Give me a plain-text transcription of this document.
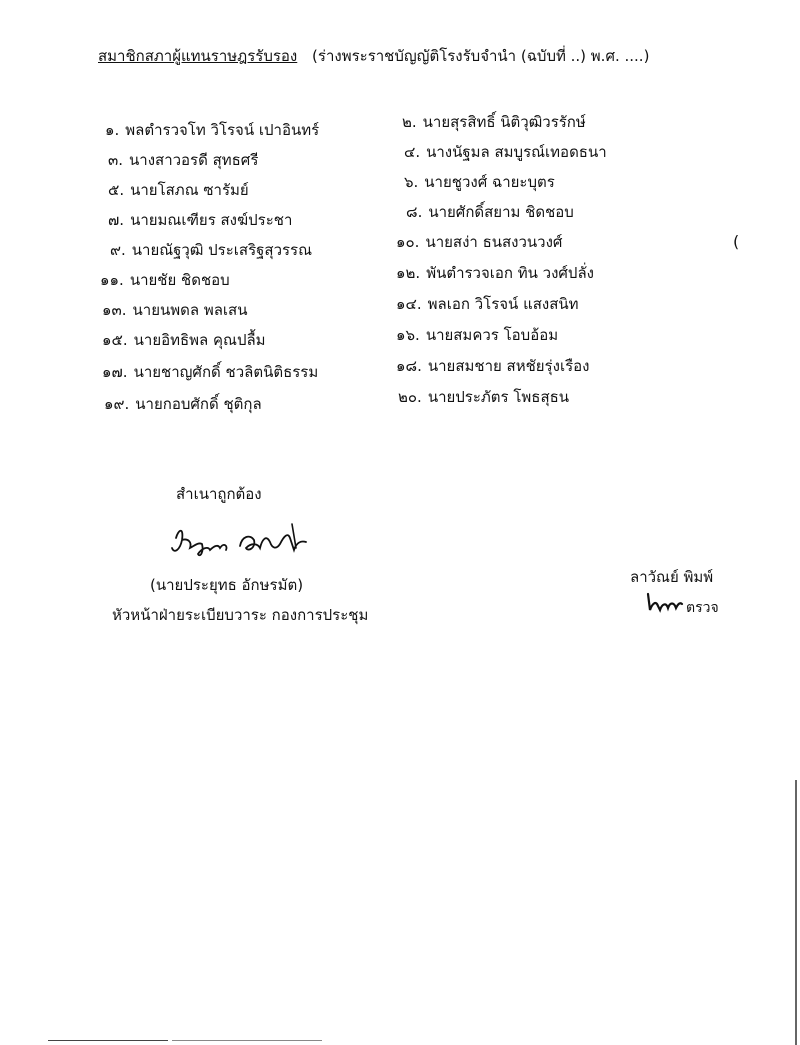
สมาชิกสภาผู้แทนราษฎรรับรอง (ร่างพระราชบัญญัติโรงรับจำนำ (ฉบับที่ ..) พ.ศ. ....)
๑. พลตำรวจโท วิโรจน์ เปาอินทร์
๓. นางสาวอรดี สุทธศรี
๕. นายโสภณ ซารัมย์
๗. นายมณเฑียร สงฆ์ประชา
๙. นายณัฐวุฒิ ประเสริฐสุวรรณ
๑๑. นายชัย ชิดชอบ
๑๓. นายนพดล พลเสน
๑๕. นายอิทธิพล คุณปลื้ม
๑๗. นายชาญศักดิ์ ชวลิตนิติธรรม
๑๙. นายกอบศักดิ์ ชุติกุล
๒. นายสุรสิทธิ์ นิติวุฒิวรรักษ์
๔. นางนัฐมล สมบูรณ์เทอดธนา
๖. นายชูวงศ์ ฉายะบุตร
๘. นายศักดิ์สยาม ชิดชอบ
๑๐. นายสง่า ธนสงวนวงศ์
๑๒. พันตำรวจเอก ทิน วงศ์ปลั่ง
๑๔. พลเอก วิโรจน์ แสงสนิท
๑๖. นายสมควร โอบอ้อม
๑๘. นายสมชาย สหชัยรุ่งเรือง
๒๐. นายประภัตร โพธสุธน
(
สำเนาถูกต้อง
(นายประยุทธ อักษรมัต)
หัวหน้าฝ่ายระเบียบวาระ กองการประชุม
ลาวัณย์ พิมพ์
ตรวจ
